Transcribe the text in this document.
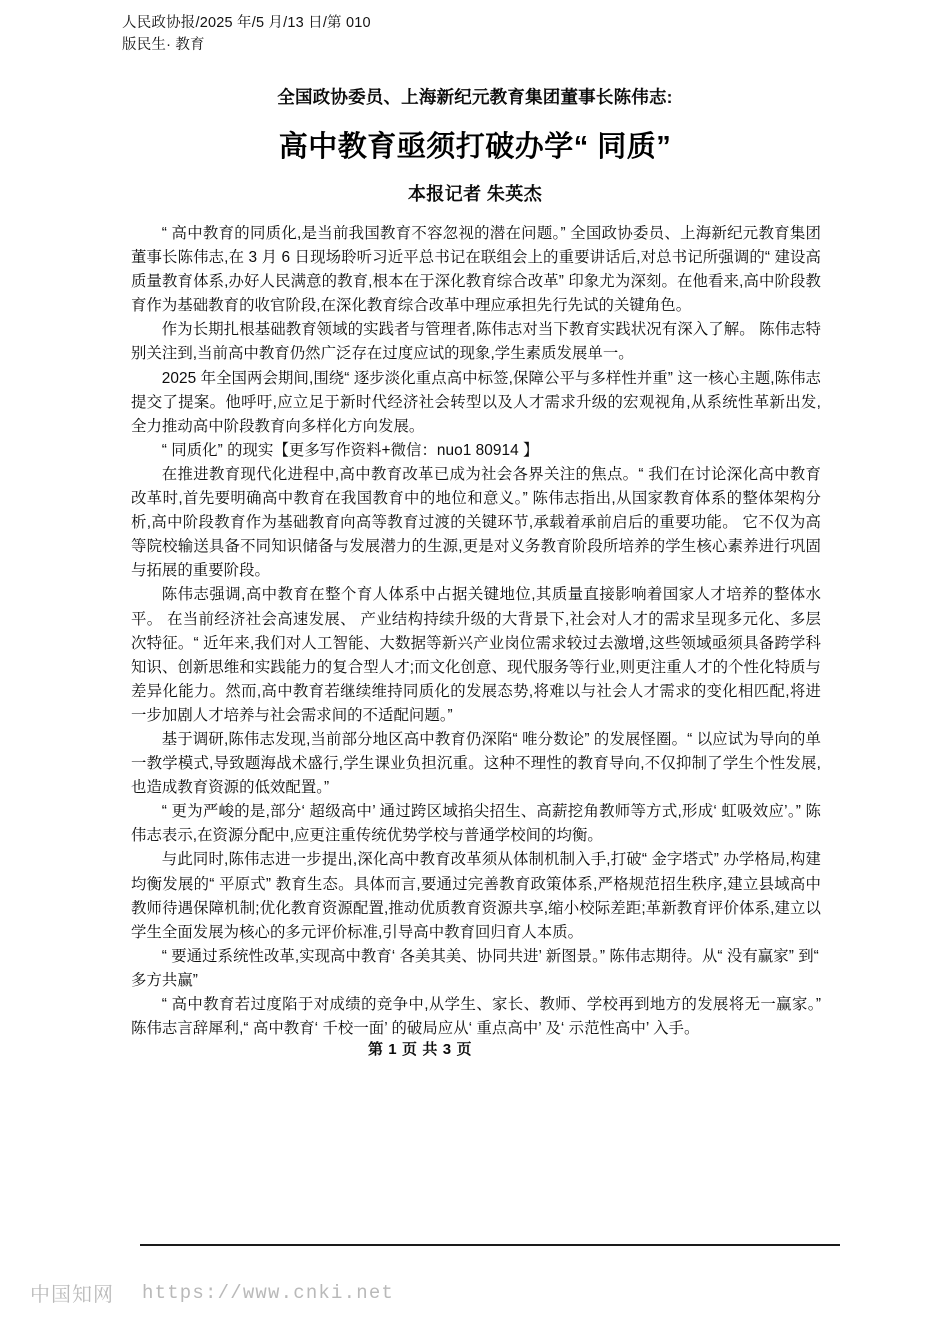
人民政协报/2025 年/5 月/13 日/第 010
版民生· 教育
全国政协委员、上海新纪元教育集团董事长陈伟志:
高中教育亟须打破办学“ 同质”
本报记者 朱英杰

“ 高中教育的同质化,是当前我国教育不容忽视的潜在问题。” 全国政协委员、上海新纪元教育集团董事长陈伟志,在 3 月 6 日现场聆听习近平总书记在联组会上的重要讲话后,对总书记所强调的“ 建设高质量教育体系,办好人民满意的教育,根本在于深化教育综合改革” 印象尤为深刻。在他看来,高中阶段教育作为基础教育的收官阶段,在深化教育综合改革中理应承担先行先试的关键角色。

作为长期扎根基础教育领域的实践者与管理者,陈伟志对当下教育实践状况有深入了解。 陈伟志特别关注到,当前高中教育仍然广泛存在过度应试的现象,学生素质发展单一。

2025 年全国两会期间,围绕“ 逐步淡化重点高中标签,保障公平与多样性并重” 这一核心主题,陈伟志提交了提案。他呼吁,应立足于新时代经济社会转型以及人才需求升级的宏观视角,从系统性革新出发,全力推动高中阶段教育向多样化方向发展。

“ 同质化” 的现实【更多写作资料+微信：nuo1 80914 】

在推进教育现代化进程中,高中教育改革已成为社会各界关注的焦点。“ 我们在讨论深化高中教育改革时,首先要明确高中教育在我国教育中的地位和意义。” 陈伟志指出,从国家教育体系的整体架构分析,高中阶段教育作为基础教育向高等教育过渡的关键环节,承载着承前启后的重要功能。 它不仅为高等院校输送具备不同知识储备与发展潜力的生源,更是对义务教育阶段所培养的学生核心素养进行巩固与拓展的重要阶段。

陈伟志强调,高中教育在整个育人体系中占据关键地位,其质量直接影响着国家人才培养的整体水平。 在当前经济社会高速发展、 产业结构持续升级的大背景下,社会对人才的需求呈现多元化、多层次特征。“ 近年来,我们对人工智能、大数据等新兴产业岗位需求较过去激增,这些领域亟须具备跨学科知识、创新思维和实践能力的复合型人才;而文化创意、现代服务等行业,则更注重人才的个性化特质与差异化能力。然而,高中教育若继续维持同质化的发展态势,将难以与社会人才需求的变化相匹配,将进一步加剧人才培养与社会需求间的不适配问题。”

基于调研,陈伟志发现,当前部分地区高中教育仍深陷“ 唯分数论” 的发展怪圈。“ 以应试为导向的单一教学模式,导致题海战术盛行,学生课业负担沉重。这种不理性的教育导向,不仅抑制了学生个性发展,也造成教育资源的低效配置。”

“ 更为严峻的是,部分‘ 超级高中’ 通过跨区域掐尖招生、高薪挖角教师等方式,形成‘ 虹吸效应’。” 陈伟志表示,在资源分配中,应更注重传统优势学校与普通学校间的均衡。

与此同时,陈伟志进一步提出,深化高中教育改革须从体制机制入手,打破“ 金字塔式” 办学格局,构建均衡发展的“ 平原式” 教育生态。具体而言,要通过完善教育政策体系,严格规范招生秩序,建立县域高中教师待遇保障机制;优化教育资源配置,推动优质教育资源共享,缩小校际差距;革新教育评价体系,建立以学生全面发展为核心的多元评价标准,引导高中教育回归育人本质。

“ 要通过系统性改革,实现高中教育‘ 各美其美、协同共进’ 新图景。” 陈伟志期待。从“ 没有赢家” 到“ 多方共赢”

“ 高中教育若过度陷于对成绩的竞争中,从学生、家长、教师、学校再到地方的发展将无一赢家。” 陈伟志言辞犀利,“ 高中教育‘ 千校一面’ 的破局应从‘ 重点高中’ 及‘ 示范性高中’ 入手。

第 1 页 共 3 页
中国知网 https://www.cnki.net
